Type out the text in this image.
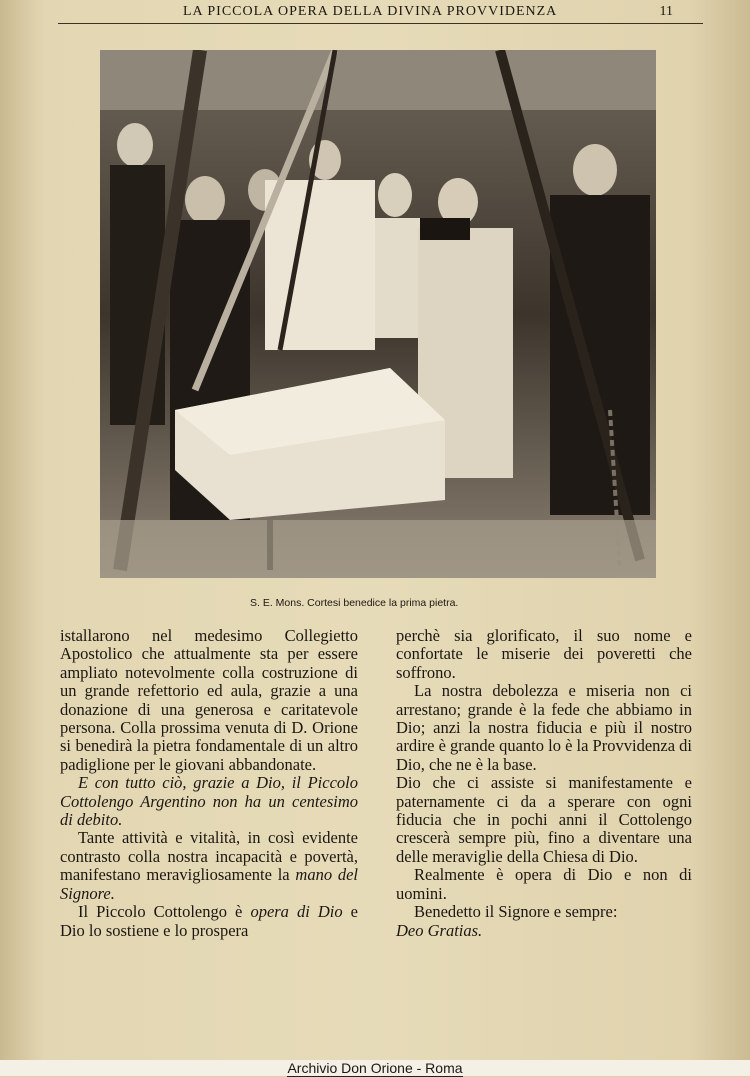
LA PICCOLA OPERA DELLA DIVINA PROVVIDENZA	11
S. E. Mons. Cortesi benedice la prima pietra.

istallarono nel medesimo Collegietto Apostolico che attualmente sta per essere ampliato notevolmente colla costruzione di un grande refettorio ed aula, grazie a una donazione di una generosa e caritatevole persona. Colla prossima venuta di D. Orione si benedirà la pietra fondamentale di un altro padiglione per le giovani abbandonate.

E con tutto ciò, grazie a Dio, il Piccolo Cottolengo Argentino non ha un centesimo di debito.

Tante attività e vitalità, in così evidente contrasto colla nostra incapacità e povertà, manifestano meravigliosamente la mano del Signore.

Il Piccolo Cottolengo è opera di Dio e Dio lo sostiene e lo prospera

perchè sia glorificato, il suo nome e confortate le miserie dei poveretti che soffrono.

La nostra debolezza e miseria non ci arrestano; grande è la fede che abbiamo in Dio; anzi la nostra fiducia e più il nostro ardire è grande quanto lo è la Provvidenza di Dio, che ne è la base.

Dio che ci assiste si manifestamente e paternamente ci da a sperare con ogni fiducia che in pochi anni il Cottolengo crescerà sempre più, fino a diventare una delle meraviglie della Chiesa di Dio.

Realmente è opera di Dio e non di uomini.

Benedetto il Signore e sempre:

Deo Gratias.

Archivio Don Orione - Roma
